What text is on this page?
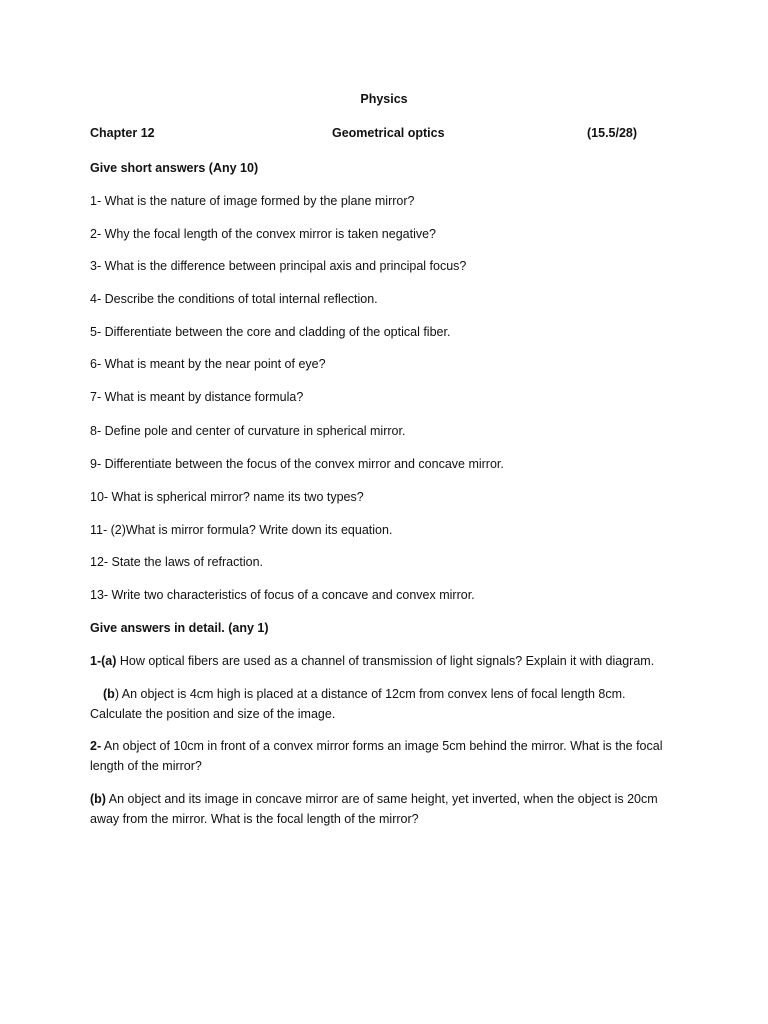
Physics
Chapter 12	Geometrical optics	(15.5/28)
Give short answers (Any 10)
1- What is the nature of image formed by the plane mirror?
2- Why the focal length of the convex mirror is taken negative?
3- What is the difference between principal axis and principal focus?
4- Describe the conditions of total internal reflection.
5- Differentiate between the core and cladding of the optical fiber.
6- What is meant by the near point of eye?
7- What is meant by distance formula?
8- Define pole and center of curvature in spherical mirror.
9- Differentiate between the focus of the convex mirror and concave mirror.
10- What is spherical mirror? name its two types?
11- (2)What is mirror formula? Write down its equation.
12- State the laws of refraction.
13- Write two characteristics of focus of a concave and convex mirror.
Give answers in detail. (any 1)
1-(a) How optical fibers are used as a channel of transmission of light signals? Explain it with diagram.
(b) An object is 4cm high is placed at a distance of 12cm from convex lens of focal length 8cm. Calculate the position and size of the image.
2- An object of 10cm in front of a convex mirror forms an image 5cm behind the mirror. What is the focal length of the mirror?
(b) An object and its image in concave mirror are of same height, yet inverted, when the object is 20cm away from the mirror. What is the focal length of the mirror?
